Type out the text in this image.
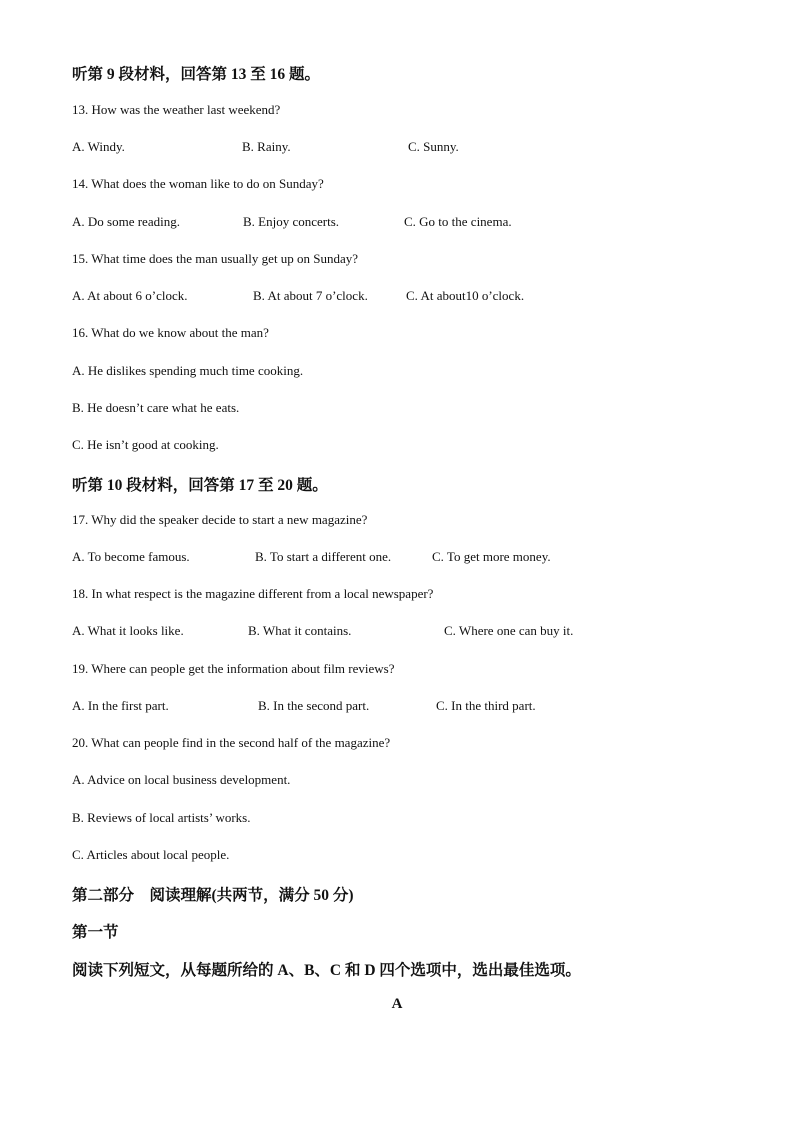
听第 9 段材料，回答第 13 至 16 题。
13. How was the weather last weekend?
A. Windy.	B. Rainy.	C. Sunny.
14. What does the woman like to do on Sunday?
A. Do some reading.	B. Enjoy concerts.	C. Go to the cinema.
15. What time does the man usually get up on Sunday?
A. At about 6 o’clock.	B. At about 7 o’clock.	C. At about10 o’clock.
16. What do we know about the man?
A. He dislikes spending much time cooking.
B. He doesn’t care what he eats.
C. He isn’t good at cooking.
听第 10 段材料，回答第 17 至 20 题。
17. Why did the speaker decide to start a new magazine?
A. To become famous.	B. To start a different one.	C. To get more money.
18. In what respect is the magazine different from a local newspaper?
A. What it looks like.	B. What it contains.	C. Where one can buy it.
19. Where can people get the information about film reviews?
A. In the first part.	B. In the second part.	C. In the third part.
20. What can people find in the second half of the magazine?
A. Advice on local business development.
B. Reviews of local artists’ works.
C. Articles about local people.
第二部分　阅读理解(共两节，满分 50 分)
第一节
阅读下列短文，从每题所给的 A、B、C 和 D 四个选项中，选出最佳选项。
A
